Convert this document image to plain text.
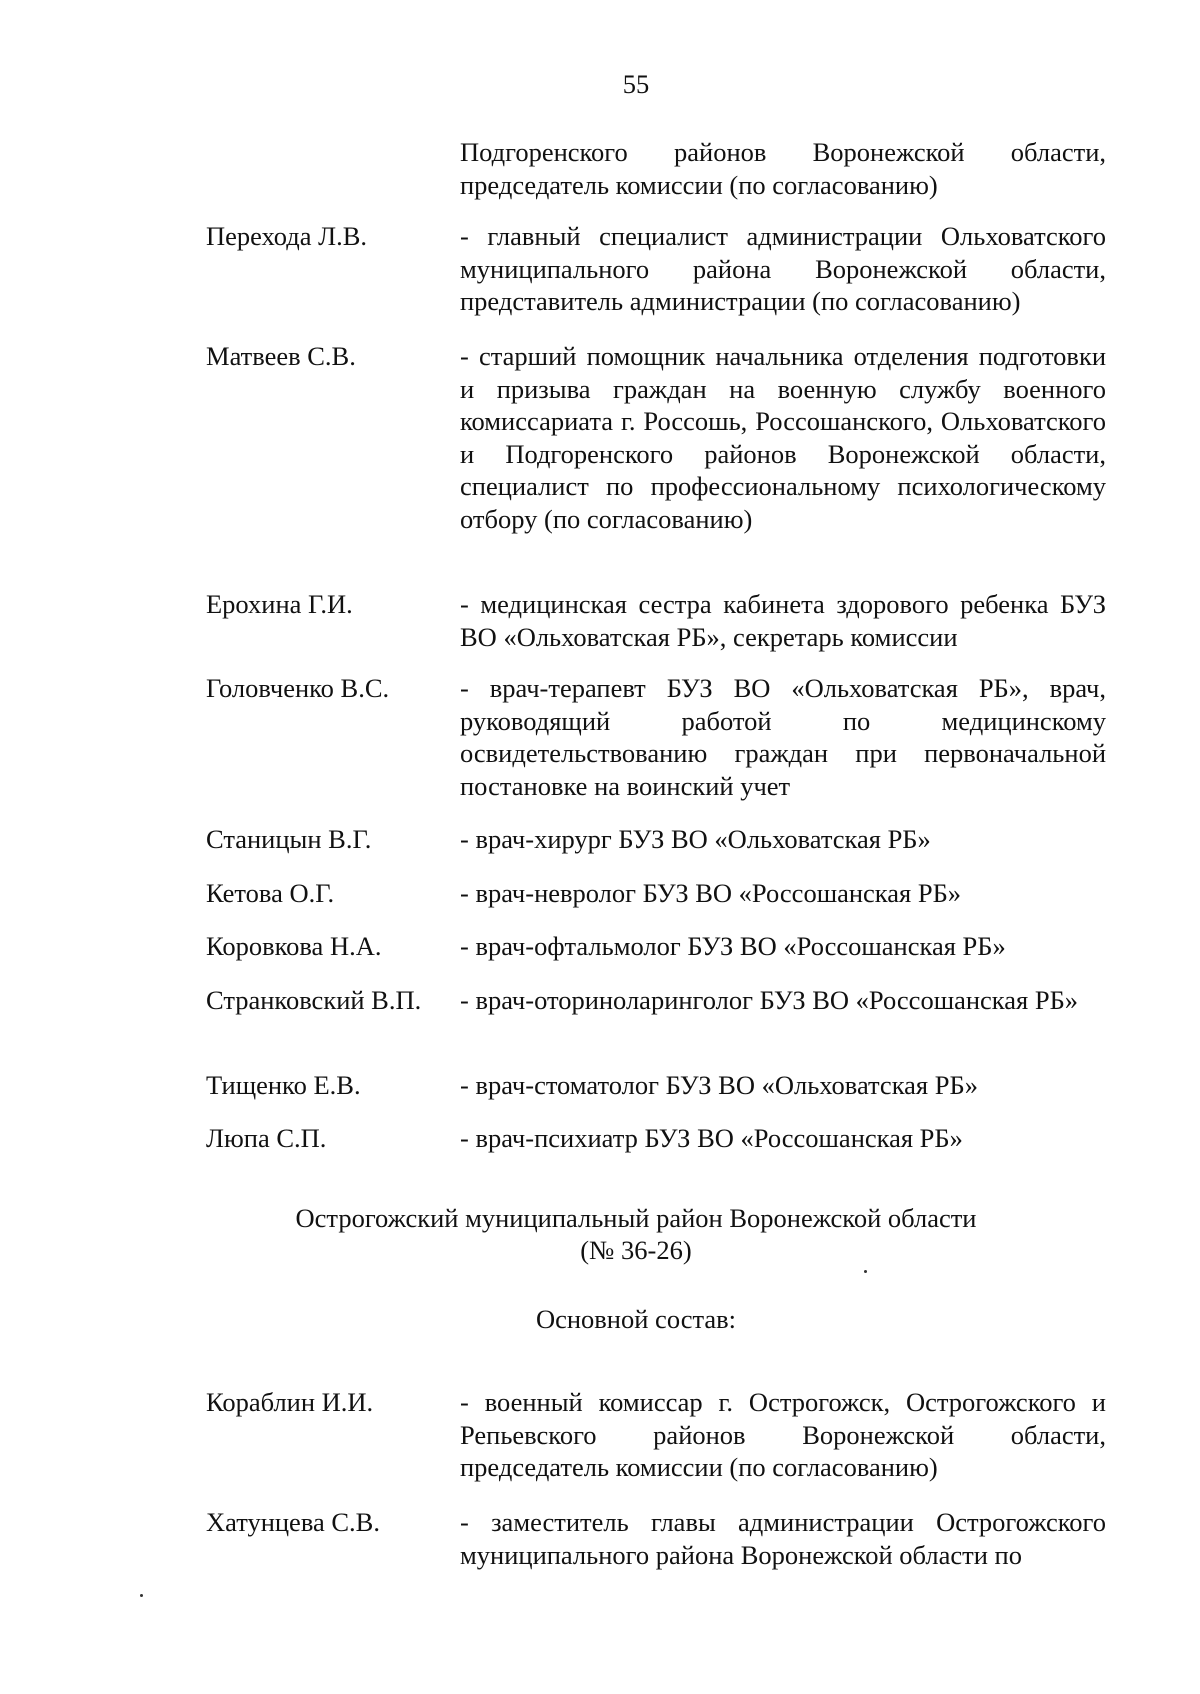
55
Подгоренского районов Воронежской области, председатель комиссии (по согласованию)
Перехода Л.В.	- главный специалист администрации Ольховатского муниципального района Воронежской области, представитель администрации (по согласованию)
Матвеев С.В.	- старший помощник начальника отделения подготовки и призыва граждан на военную службу военного комиссариата г. Россошь, Россошанского, Ольховатского и Подгоренского районов Воронежской области, специалист по профессиональному психологическому отбору (по согласованию)
Ерохина Г.И.	- медицинская сестра кабинета здорового ребенка БУЗ ВО «Ольховатская РБ», секретарь комиссии
Головченко В.С.	- врач-терапевт БУЗ ВО «Ольховатская РБ», врач, руководящий работой по медицинскому освидетельствованию граждан при первоначальной постановке на воинский учет
Станицын В.Г.	- врач-хирург БУЗ ВО «Ольховатская РБ»
Кетова О.Г.	- врач-невролог БУЗ ВО «Россошанская РБ»
Коровкова Н.А.	- врач-офтальмолог БУЗ ВО «Россошанская РБ»
Странковский В.П. - врач-оториноларинголог БУЗ ВО «Россошанская РБ»
Тищенко Е.В.	- врач-стоматолог БУЗ ВО «Ольховатская РБ»
Люпа С.П.	- врач-психиатр БУЗ ВО «Россошанская РБ»
Острогожский муниципальный район Воронежской области
(№ 36-26)
Основной состав:
Кораблин И.И.	- военный комиссар г. Острогожск, Острогожского и Репьевского районов Воронежской области, председатель комиссии (по согласованию)
Хатунцева С.В.	- заместитель главы администрации Острогожского муниципального района Воронежской области по
